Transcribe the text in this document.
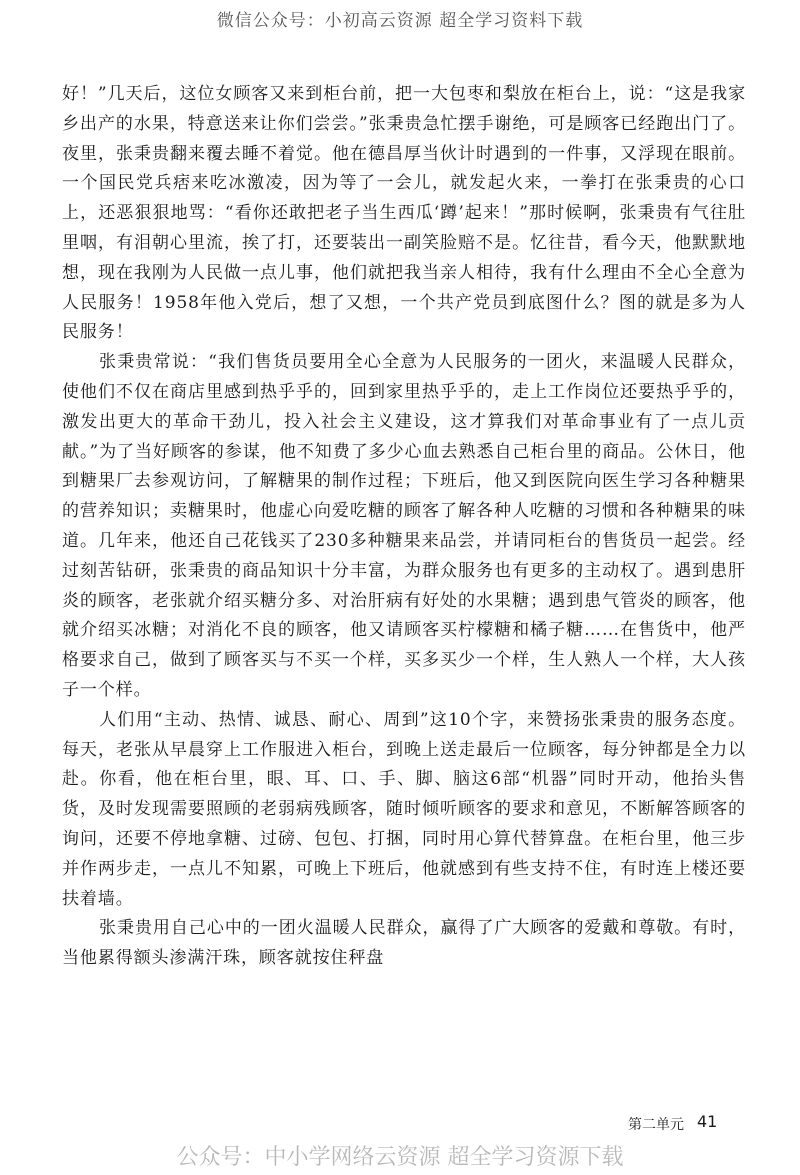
微信公众号：小初高云资源 超全学习资料下载

好！”几天后，这位女顾客又来到柜台前，把一大包枣和梨放在柜台上，说：“这是我家乡出产的水果，特意送来让你们尝尝。”张秉贵急忙摆手谢绝，可是顾客已经跑出门了。夜里，张秉贵翻来覆去睡不着觉。他在德昌厚当伙计时遇到的一件事，又浮现在眼前。一个国民党兵痞来吃冰激凌，因为等了一会儿，就发起火来，一拳打在张秉贵的心口上，还恶狠狠地骂：“看你还敢把老子当生西瓜‘蹲’起来！”那时候啊，张秉贵有气往肚里咽，有泪朝心里流，挨了打，还要装出一副笑脸赔不是。忆往昔，看今天，他默默地想，现在我刚为人民做一点儿事，他们就把我当亲人相待，我有什么理由不全心全意为人民服务！1958年他入党后，想了又想，一个共产党员到底图什么？图的就是多为人民服务！

张秉贵常说：“我们售货员要用全心全意为人民服务的一团火，来温暖人民群众，使他们不仅在商店里感到热乎乎的，回到家里热乎乎的，走上工作岗位还要热乎乎的，激发出更大的革命干劲儿，投入社会主义建设，这才算我们对革命事业有了一点儿贡献。”为了当好顾客的参谋，他不知费了多少心血去熟悉自己柜台里的商品。公休日，他到糖果厂去参观访问，了解糖果的制作过程；下班后，他又到医院向医生学习各种糖果的营养知识；卖糖果时，他虚心向爱吃糖的顾客了解各种人吃糖的习惯和各种糖果的味道。几年来，他还自己花钱买了230多种糖果来品尝，并请同柜台的售货员一起尝。经过刻苦钻研，张秉贵的商品知识十分丰富，为群众服务也有更多的主动权了。遇到患肝炎的顾客，老张就介绍买糖分多、对治肝病有好处的水果糖；遇到患气管炎的顾客，他就介绍买冰糖；对消化不良的顾客，他又请顾客买柠檬糖和橘子糖……在售货中，他严格要求自己，做到了顾客买与不买一个样，买多买少一个样，生人熟人一个样，大人孩子一个样。

人们用“主动、热情、诚恳、耐心、周到”这10个字，来赞扬张秉贵的服务态度。每天，老张从早晨穿上工作服进入柜台，到晚上送走最后一位顾客，每分钟都是全力以赴。你看，他在柜台里，眼、耳、口、手、脚、脑这6部“机器”同时开动，他抬头售货，及时发现需要照顾的老弱病残顾客，随时倾听顾客的要求和意见，不断解答顾客的询问，还要不停地拿糖、过磅、包包、打捆，同时用心算代替算盘。在柜台里，他三步并作两步走，一点儿不知累，可晚上下班后，他就感到有些支持不住，有时连上楼还要扶着墙。

张秉贵用自己心中的一团火温暖人民群众，赢得了广大顾客的爱戴和尊敬。有时，当他累得额头渗满汗珠，顾客就按住秤盘

第二单元 41
公众号：中小学网络云资源 超全学习资源下载
